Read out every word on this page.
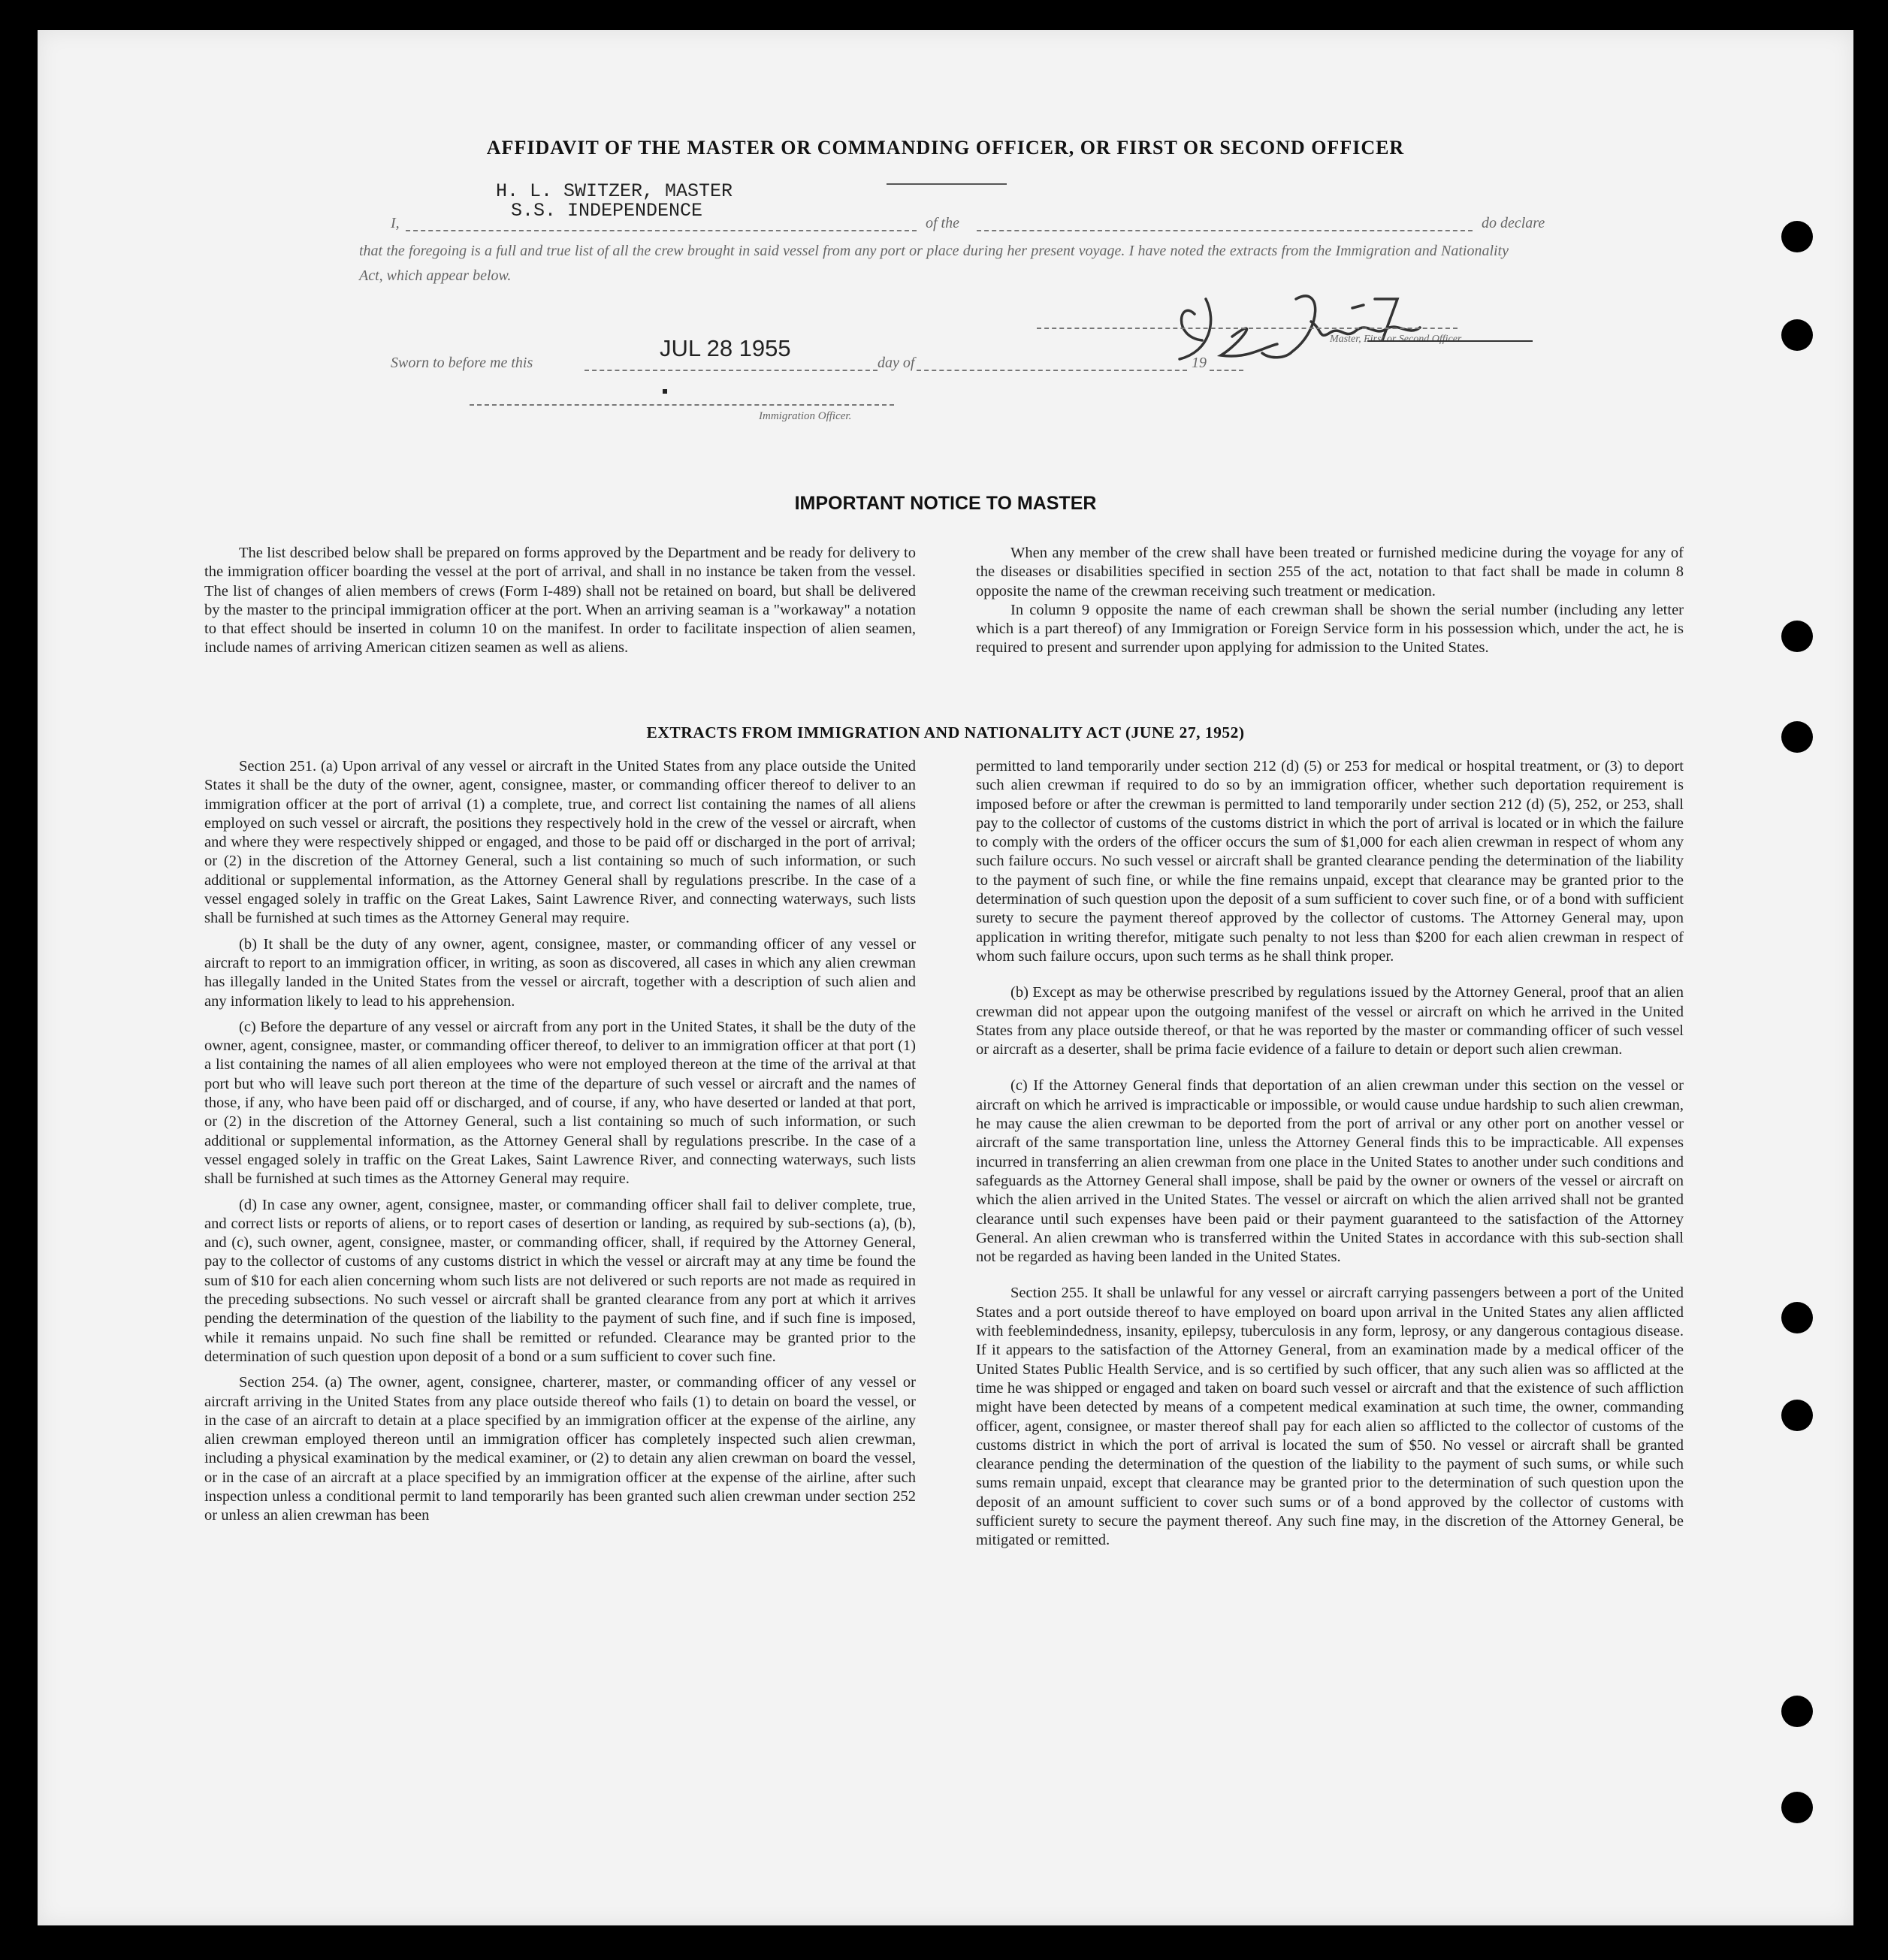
AFFIDAVIT OF THE MASTER OR COMMANDING OFFICER, OR FIRST OR SECOND OFFICER
H. L. SWITZER, MASTER
S.S. INDEPENDENCE
I,	of the	do declare
that the foregoing is a full and true list of all the crew brought in said vessel from any port or place during her present voyage. I have noted the extracts from the Immigration and Nationality Act, which appear below.
Master, First or Second Officer.
Sworn to before me this
JUL 28 1955
day of	19
Immigration Officer.
IMPORTANT NOTICE TO MASTER

The list described below shall be prepared on forms approved by the Department and be ready for delivery to the immigration officer boarding the vessel at the port of arrival, and shall in no instance be taken from the vessel. The list of changes of alien members of crews (Form I-489) shall not be retained on board, but shall be delivered by the master to the principal immigration officer at the port. When an arriving seaman is a "workaway" a notation to that effect should be inserted in column 10 on the manifest. In order to facilitate inspection of alien seamen, include names of arriving American citizen seamen as well as aliens.

When any member of the crew shall have been treated or furnished medicine during the voyage for any of the diseases or disabilities specified in section 255 of the act, notation to that fact shall be made in column 8 opposite the name of the crewman receiving such treatment or medication.

In column 9 opposite the name of each crewman shall be shown the serial number (including any letter which is a part thereof) of any Immigration or Foreign Service form in his possession which, under the act, he is required to present and surrender upon applying for admission to the United States.

EXTRACTS FROM IMMIGRATION AND NATIONALITY ACT (JUNE 27, 1952)

Section 251. (a) Upon arrival of any vessel or aircraft in the United States from any place outside the United States it shall be the duty of the owner, agent, consignee, master, or commanding officer thereof to deliver to an immigration officer at the port of arrival (1) a complete, true, and correct list containing the names of all aliens employed on such vessel or aircraft, the positions they respectively hold in the crew of the vessel or aircraft, when and where they were respectively shipped or engaged, and those to be paid off or discharged in the port of arrival; or (2) in the discretion of the Attorney General, such a list containing so much of such information, or such additional or supplemental information, as the Attorney General shall by regulations prescribe. In the case of a vessel engaged solely in traffic on the Great Lakes, Saint Lawrence River, and connecting waterways, such lists shall be furnished at such times as the Attorney General may require.

(b) It shall be the duty of any owner, agent, consignee, master, or commanding officer of any vessel or aircraft to report to an immigration officer, in writing, as soon as discovered, all cases in which any alien crewman has illegally landed in the United States from the vessel or aircraft, together with a description of such alien and any information likely to lead to his apprehension.

(c) Before the departure of any vessel or aircraft from any port in the United States, it shall be the duty of the owner, agent, consignee, master, or commanding officer thereof, to deliver to an immigration officer at that port (1) a list containing the names of all alien employees who were not employed thereon at the time of the arrival at that port but who will leave such port thereon at the time of the departure of such vessel or aircraft and the names of those, if any, who have been paid off or discharged, and of course, if any, who have deserted or landed at that port, or (2) in the discretion of the Attorney General, such a list containing so much of such information, or such additional or supplemental information, as the Attorney General shall by regulations prescribe. In the case of a vessel engaged solely in traffic on the Great Lakes, Saint Lawrence River, and connecting waterways, such lists shall be furnished at such times as the Attorney General may require.

(d) In case any owner, agent, consignee, master, or commanding officer shall fail to deliver complete, true, and correct lists or reports of aliens, or to report cases of desertion or landing, as required by sub-sections (a), (b), and (c), such owner, agent, consignee, master, or commanding officer, shall, if required by the Attorney General, pay to the collector of customs of any customs district in which the vessel or aircraft may at any time be found the sum of $10 for each alien concerning whom such lists are not delivered or such reports are not made as required in the preceding subsections. No such vessel or aircraft shall be granted clearance from any port at which it arrives pending the determination of the question of the liability to the payment of such fine, and if such fine is imposed, while it remains unpaid. No such fine shall be remitted or refunded. Clearance may be granted prior to the determination of such question upon deposit of a bond or a sum sufficient to cover such fine.

Section 254. (a) The owner, agent, consignee, charterer, master, or commanding officer of any vessel or aircraft arriving in the United States from any place outside thereof who fails (1) to detain on board the vessel, or in the case of an aircraft to detain at a place specified by an immigration officer at the expense of the airline, any alien crewman employed thereon until an immigration officer has completely inspected such alien crewman, including a physical examination by the medical examiner, or (2) to detain any alien crewman on board the vessel, or in the case of an aircraft at a place specified by an immigration officer at the expense of the airline, after such inspection unless a conditional permit to land temporarily has been granted such alien crewman under section 252 or unless an alien crewman has been

permitted to land temporarily under section 212 (d) (5) or 253 for medical or hospital treatment, or (3) to deport such alien crewman if required to do so by an immigration officer, whether such deportation requirement is imposed before or after the crewman is permitted to land temporarily under section 212 (d) (5), 252, or 253, shall pay to the collector of customs of the customs district in which the port of arrival is located or in which the failure to comply with the orders of the officer occurs the sum of $1,000 for each alien crewman in respect of whom any such failure occurs. No such vessel or aircraft shall be granted clearance pending the determination of the liability to the payment of such fine, or while the fine remains unpaid, except that clearance may be granted prior to the determination of such question upon the deposit of a sum sufficient to cover such fine, or of a bond with sufficient surety to secure the payment thereof approved by the collector of customs. The Attorney General may, upon application in writing therefor, mitigate such penalty to not less than $200 for each alien crewman in respect of whom such failure occurs, upon such terms as he shall think proper.

(b) Except as may be otherwise prescribed by regulations issued by the Attorney General, proof that an alien crewman did not appear upon the outgoing manifest of the vessel or aircraft on which he arrived in the United States from any place outside thereof, or that he was reported by the master or commanding officer of such vessel or aircraft as a deserter, shall be prima facie evidence of a failure to detain or deport such alien crewman.

(c) If the Attorney General finds that deportation of an alien crewman under this section on the vessel or aircraft on which he arrived is impracticable or impossible, or would cause undue hardship to such alien crewman, he may cause the alien crewman to be deported from the port of arrival or any other port on another vessel or aircraft of the same transportation line, unless the Attorney General finds this to be impracticable. All expenses incurred in transferring an alien crewman from one place in the United States to another under such conditions and safeguards as the Attorney General shall impose, shall be paid by the owner or owners of the vessel or aircraft on which the alien arrived in the United States. The vessel or aircraft on which the alien arrived shall not be granted clearance until such expenses have been paid or their payment guaranteed to the satisfaction of the Attorney General. An alien crewman who is transferred within the United States in accordance with this sub-section shall not be regarded as having been landed in the United States.

Section 255. It shall be unlawful for any vessel or aircraft carrying passengers between a port of the United States and a port outside thereof to have employed on board upon arrival in the United States any alien afflicted with feeblemindedness, insanity, epilepsy, tuberculosis in any form, leprosy, or any dangerous contagious disease. If it appears to the satisfaction of the Attorney General, from an examination made by a medical officer of the United States Public Health Service, and is so certified by such officer, that any such alien was so afflicted at the time he was shipped or engaged and taken on board such vessel or aircraft and that the existence of such affliction might have been detected by means of a competent medical examination at such time, the owner, commanding officer, agent, consignee, or master thereof shall pay for each alien so afflicted to the collector of customs of the customs district in which the port of arrival is located the sum of $50. No vessel or aircraft shall be granted clearance pending the determination of the question of the liability to the payment of such sums, or while such sums remain unpaid, except that clearance may be granted prior to the determination of such question upon the deposit of an amount sufficient to cover such sums or of a bond approved by the collector of customs with sufficient surety to secure the payment thereof. Any such fine may, in the discretion of the Attorney General, be mitigated or remitted.
